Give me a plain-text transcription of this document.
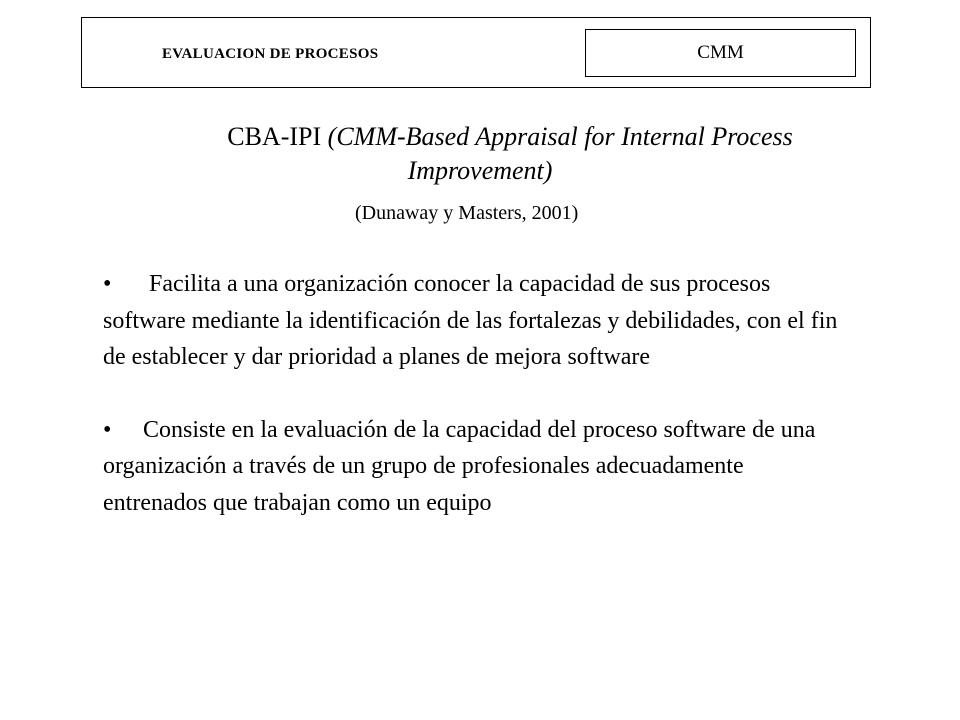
EVALUACION DE PROCESOS	CMM
CBA-IPI (CMM-Based Appraisal for Internal Process
Improvement)
(Dunaway y Masters, 2001)

• Facilita a una organización conocer la capacidad de sus procesos software mediante la identificación de las fortalezas y debilidades, con el fin de establecer y dar prioridad a planes de mejora software

• Consiste en la evaluación de la capacidad del proceso software de una organización a través de un grupo de profesionales adecuadamente entrenados que trabajan como un equipo
